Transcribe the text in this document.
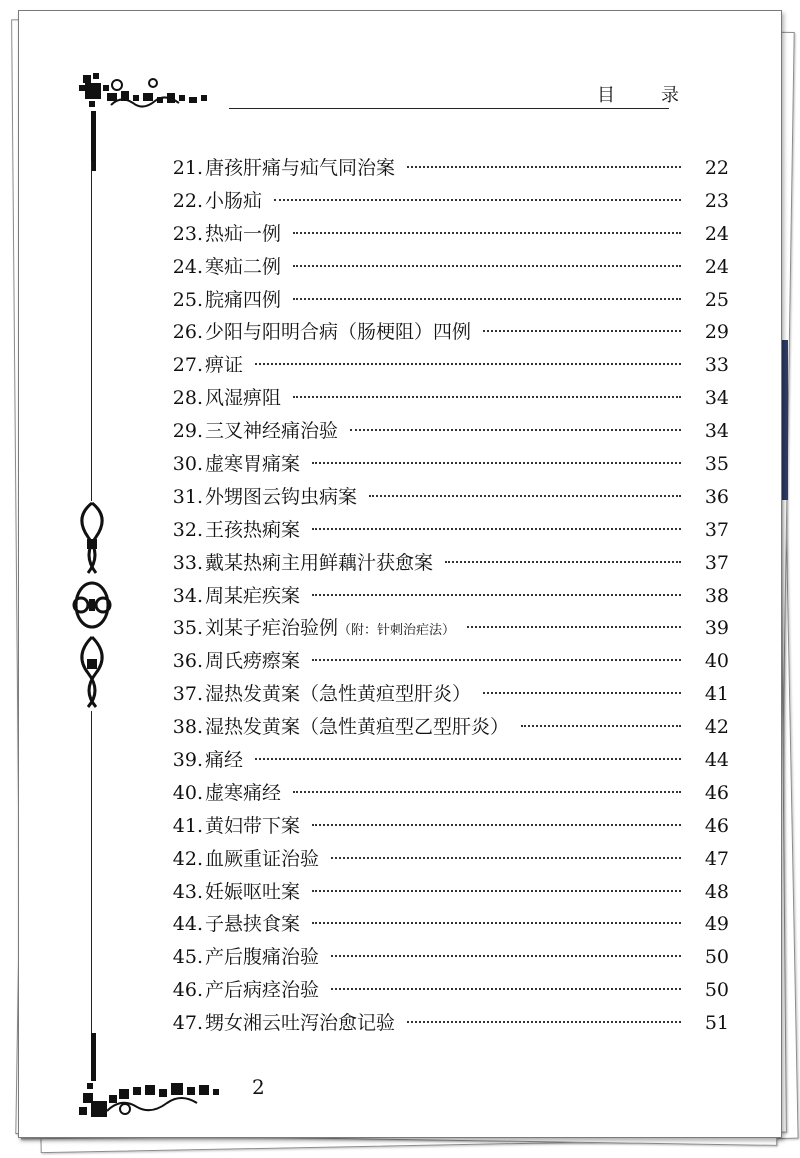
目　录
21. 唐孩肝痛与疝气同治案	22
22. 小肠疝	23
23. 热疝一例	24
24. 寒疝二例	24
25. 脘痛四例	25
26. 少阳与阳明合病（肠梗阻）四例	29
27. 痹证	33
28. 风湿痹阻	34
29. 三叉神经痛治验	34
30. 虚寒胃痛案	35
31. 外甥图云钩虫病案	36
32. 王孩热痢案	37
33. 戴某热痢主用鲜藕汁获愈案	37
34. 周某疟疾案	38
35. 刘某子疟治验例 （附：针刺治疟法）	39
36. 周氏痨瘵案	40
37. 湿热发黄案（急性黄疸型肝炎）	41
38. 湿热发黄案（急性黄疸型乙型肝炎）	42
39. 痛经	44
40. 虚寒痛经	46
41. 黄妇带下案	46
42. 血厥重证治验	47
43. 妊娠呕吐案	48
44. 子悬挟食案	49
45. 产后腹痛治验	50
46. 产后病痉治验	50
47. 甥女湘云吐泻治愈记验	51
2
